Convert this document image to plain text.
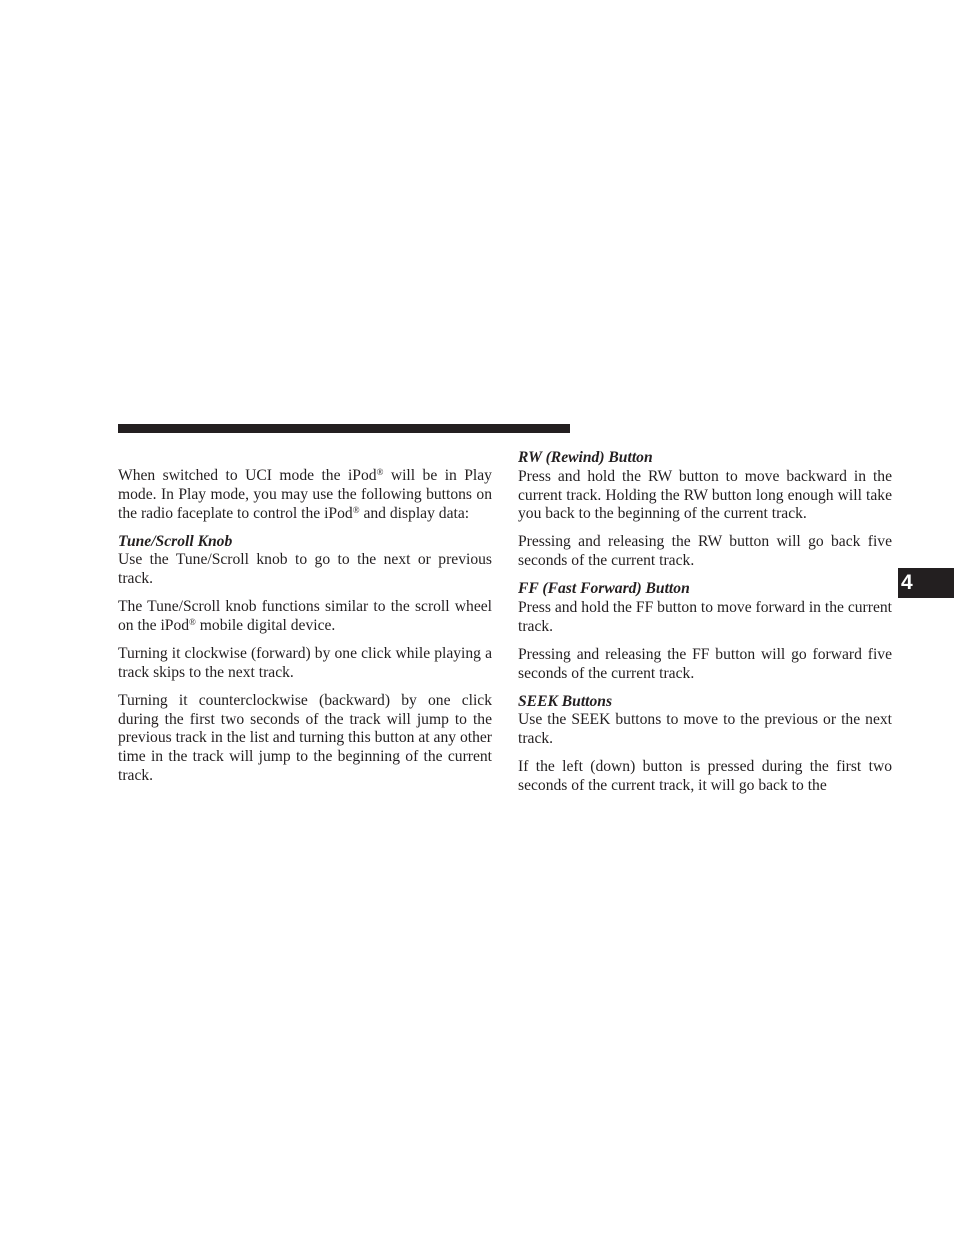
When switched to UCI mode the iPod® will be in Play mode. In Play mode, you may use the following buttons on the radio faceplate to control the iPod® and display data:

Tune/Scroll Knob

Use the Tune/Scroll knob to go to the next or previous track.

The Tune/Scroll knob functions similar to the scroll wheel on the iPod® mobile digital device.

Turning it clockwise (forward) by one click while playing a track skips to the next track.

Turning it counterclockwise (backward) by one click during the first two seconds of the track will jump to the previous track in the list and turning this button at any other time in the track will jump to the beginning of the current track.

RW (Rewind) Button

Press and hold the RW button to move backward in the current track. Holding the RW button long enough will take you back to the beginning of the current track.

Pressing and releasing the RW button will go back five seconds of the current track.

FF (Fast Forward) Button

Press and hold the FF button to move forward in the current track.

Pressing and releasing the FF button will go forward five seconds of the current track.

SEEK Buttons

Use the SEEK buttons to move to the previous or the next track.

If the left (down) button is pressed during the first two seconds of the current track, it will go back to the

4
